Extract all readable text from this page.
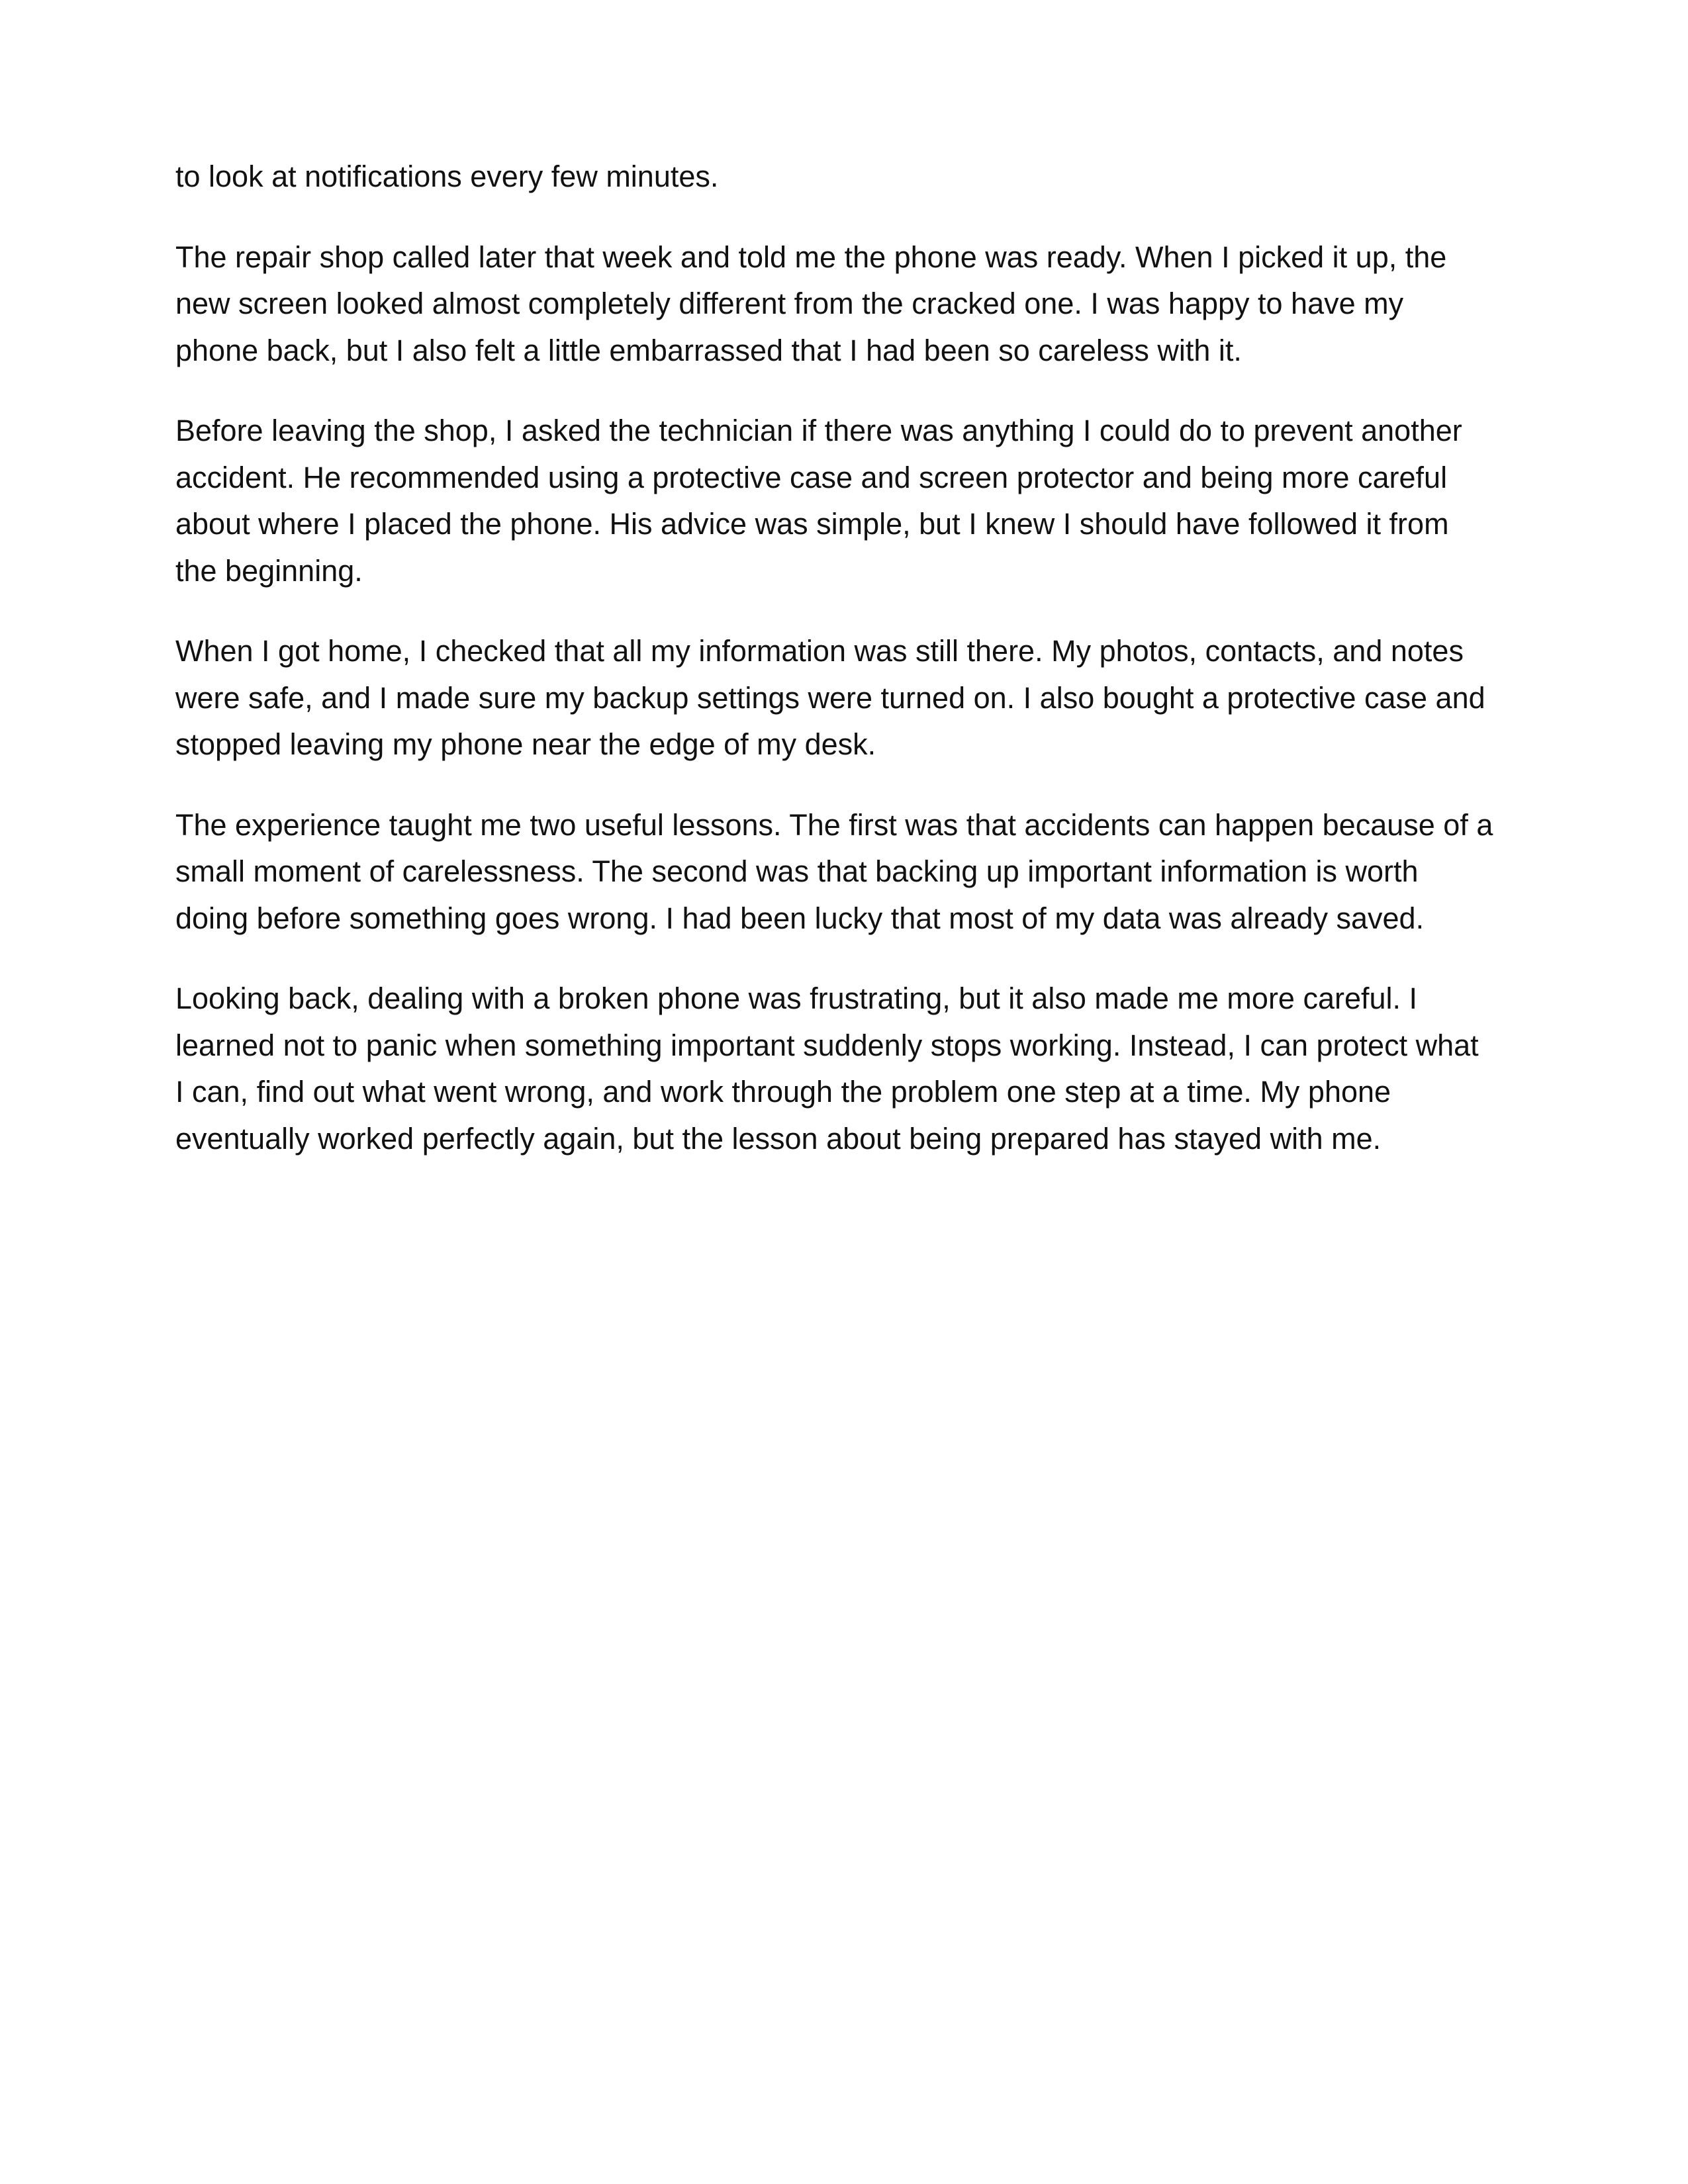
to look at notifications every few minutes.

The repair shop called later that week and told me the phone was ready. When I picked it up, the
new screen looked almost completely different from the cracked one. I was happy to have my
phone back, but I also felt a little embarrassed that I had been so careless with it.

Before leaving the shop, I asked the technician if there was anything I could do to prevent another
accident. He recommended using a protective case and screen protector and being more careful
about where I placed the phone. His advice was simple, but I knew I should have followed it from
the beginning.

When I got home, I checked that all my information was still there. My photos, contacts, and notes
were safe, and I made sure my backup settings were turned on. I also bought a protective case and
stopped leaving my phone near the edge of my desk.

The experience taught me two useful lessons. The first was that accidents can happen because of a
small moment of carelessness. The second was that backing up important information is worth
doing before something goes wrong. I had been lucky that most of my data was already saved.

Looking back, dealing with a broken phone was frustrating, but it also made me more careful. I
learned not to panic when something important suddenly stops working. Instead, I can protect what
I can, find out what went wrong, and work through the problem one step at a time. My phone
eventually worked perfectly again, but the lesson about being prepared has stayed with me.
